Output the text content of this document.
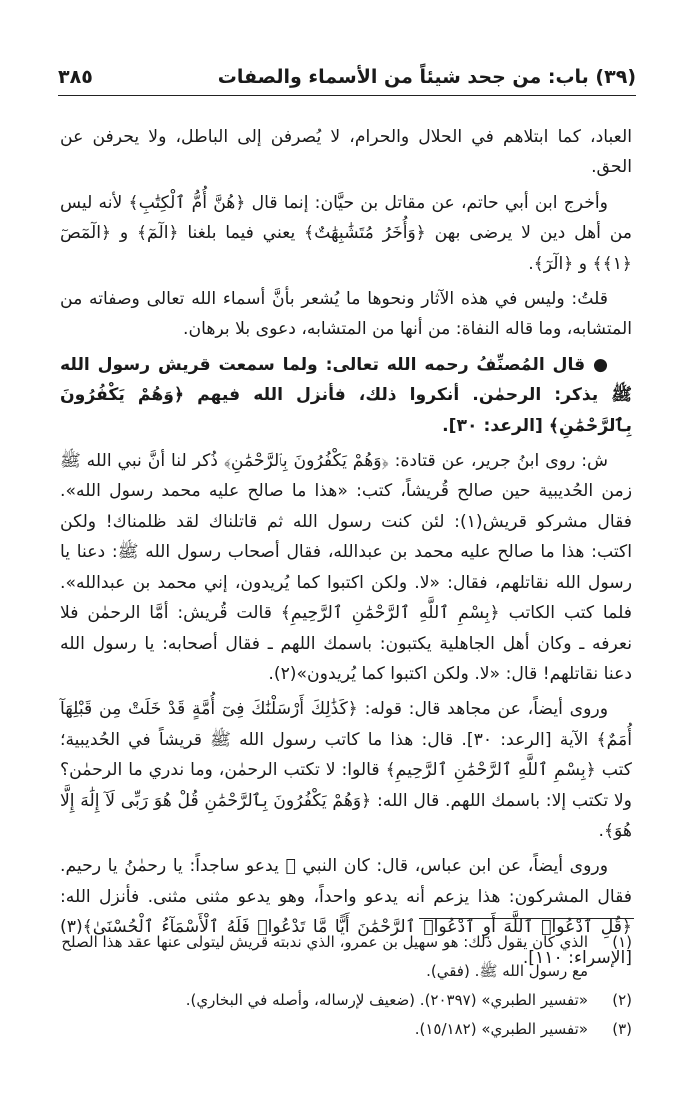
(٣٩) باب: من جحد شيئاً من الأسماء والصفات
٣٨٥

العباد، كما ابتلاهم في الحلال والحرام، لا يُصرفن إلى الباطل، ولا يحرفن عن الحق.

وأخرج ابن أبي حاتم، عن مقاتل بن حيَّان: إنما قال ﴿هُنَّ أُمُّ ٱلْكِتَٰبِ﴾ لأنه ليس من أهل دين لا يرضى بهن ﴿وَأُخَرُ مُتَشَٰبِهَٰتٌ﴾ يعني فيما بلغنا ﴿الٓمٓ﴾ و ﴿الٓمٓصٓ ﴿١﴾﴾ و ﴿الٓرٓ﴾.

قلتُ: وليس في هذه الآثار ونحوها ما يُشعر بأنَّ أسماء الله تعالى وصفاته من المتشابه، وما قاله النفاة: من أنها من المتشابه، دعوى بلا برهان.

● قال المُصنِّفُ رحمه الله تعالى: ولما سمعت قريش رسول الله ﷺ يذكر: الرحمٰن. أنكروا ذلك، فأنزل الله فيهم ﴿وَهُمْ يَكْفُرُونَ بِٱلرَّحْمَٰنِ﴾ [الرعد: ٣٠].

ش: روى ابنُ جرير، عن قتادة: ﴿وَهُمْ يَكْفُرُونَ بِٱلرَّحْمَٰنِ﴾ ذُكر لنا أنَّ نبي الله ﷺ زمن الحُديبية حين صالح قُريشاً، كتب: «هذا ما صالح عليه محمد رسول الله». فقال مشركو قريش(١): لئن كنت رسول الله ثم قاتلناك لقد ظلمناك! ولكن اكتب: هذا ما صالح عليه محمد بن عبدالله، فقال أصحاب رسول الله ﷺ: دعنا يا رسول الله نقاتلهم، فقال: «لا. ولكن اكتبوا كما يُريدون، إني محمد بن عبدالله». فلما كتب الكاتب ﴿بِسْمِ ٱللَّهِ ٱلرَّحْمَٰنِ ٱلرَّحِيمِ﴾ قالت قُريش: أمَّا الرحمٰن فلا نعرفه ـ وكان أهل الجاهلية يكتبون: باسمك اللهم ـ فقال أصحابه: يا رسول الله دعنا نقاتلهم! قال: «لا. ولكن اكتبوا كما يُريدون»(٢).

وروى أيضاً، عن مجاهد قال: قوله: ﴿كَذَٰلِكَ أَرْسَلْنَٰكَ فِىٓ أُمَّةٍ قَدْ خَلَتْ مِن قَبْلِهَآ أُمَمٌ﴾ الآية [الرعد: ٣٠]. قال: هذا ما كاتب رسول الله ﷺ قريشاً في الحُديبية؛ كتب ﴿بِسْمِ ٱللَّهِ ٱلرَّحْمَٰنِ ٱلرَّحِيمِ﴾ قالوا: لا تكتب الرحمٰن، وما ندري ما الرحمٰن؟ ولا تكتب إلا: باسمك اللهم. قال الله: ﴿وَهُمْ يَكْفُرُونَ بِٱلرَّحْمَٰنِ قُلْ هُوَ رَبِّى لَآ إِلَٰهَ إِلَّا هُوَ﴾.

وروى أيضاً، عن ابن عباس، قال: كان النبي ﷺ يدعو ساجداً: يا رحمٰنُ يا رحيم. فقال المشركون: هذا يزعم أنه يدعو واحداً، وهو يدعو مثنى مثنى. فأنزل الله: ﴿قُلِ ٱدْعُوا۟ ٱللَّهَ أَوِ ٱدْعُوا۟ ٱلرَّحْمَٰنَ أَيًّا مَّا تَدْعُوا۟ فَلَهُ ٱلْأَسْمَآءُ ٱلْحُسْنَىٰ﴾(٣) [الإسراء: ١١٠].

(١)
الذي كان يقول ذلك: هو سهيل بن عمرو، الذي ندبته قريش ليتولى عنها عقد هذا الصلح مع رسول الله ﷺ. (فقي).
(٢)
«تفسير الطبري» (٢٠٣٩٧). (ضعيف لإرساله، وأصله في البخاري).
(٣)
«تفسير الطبري» (١٥/١٨٢).
